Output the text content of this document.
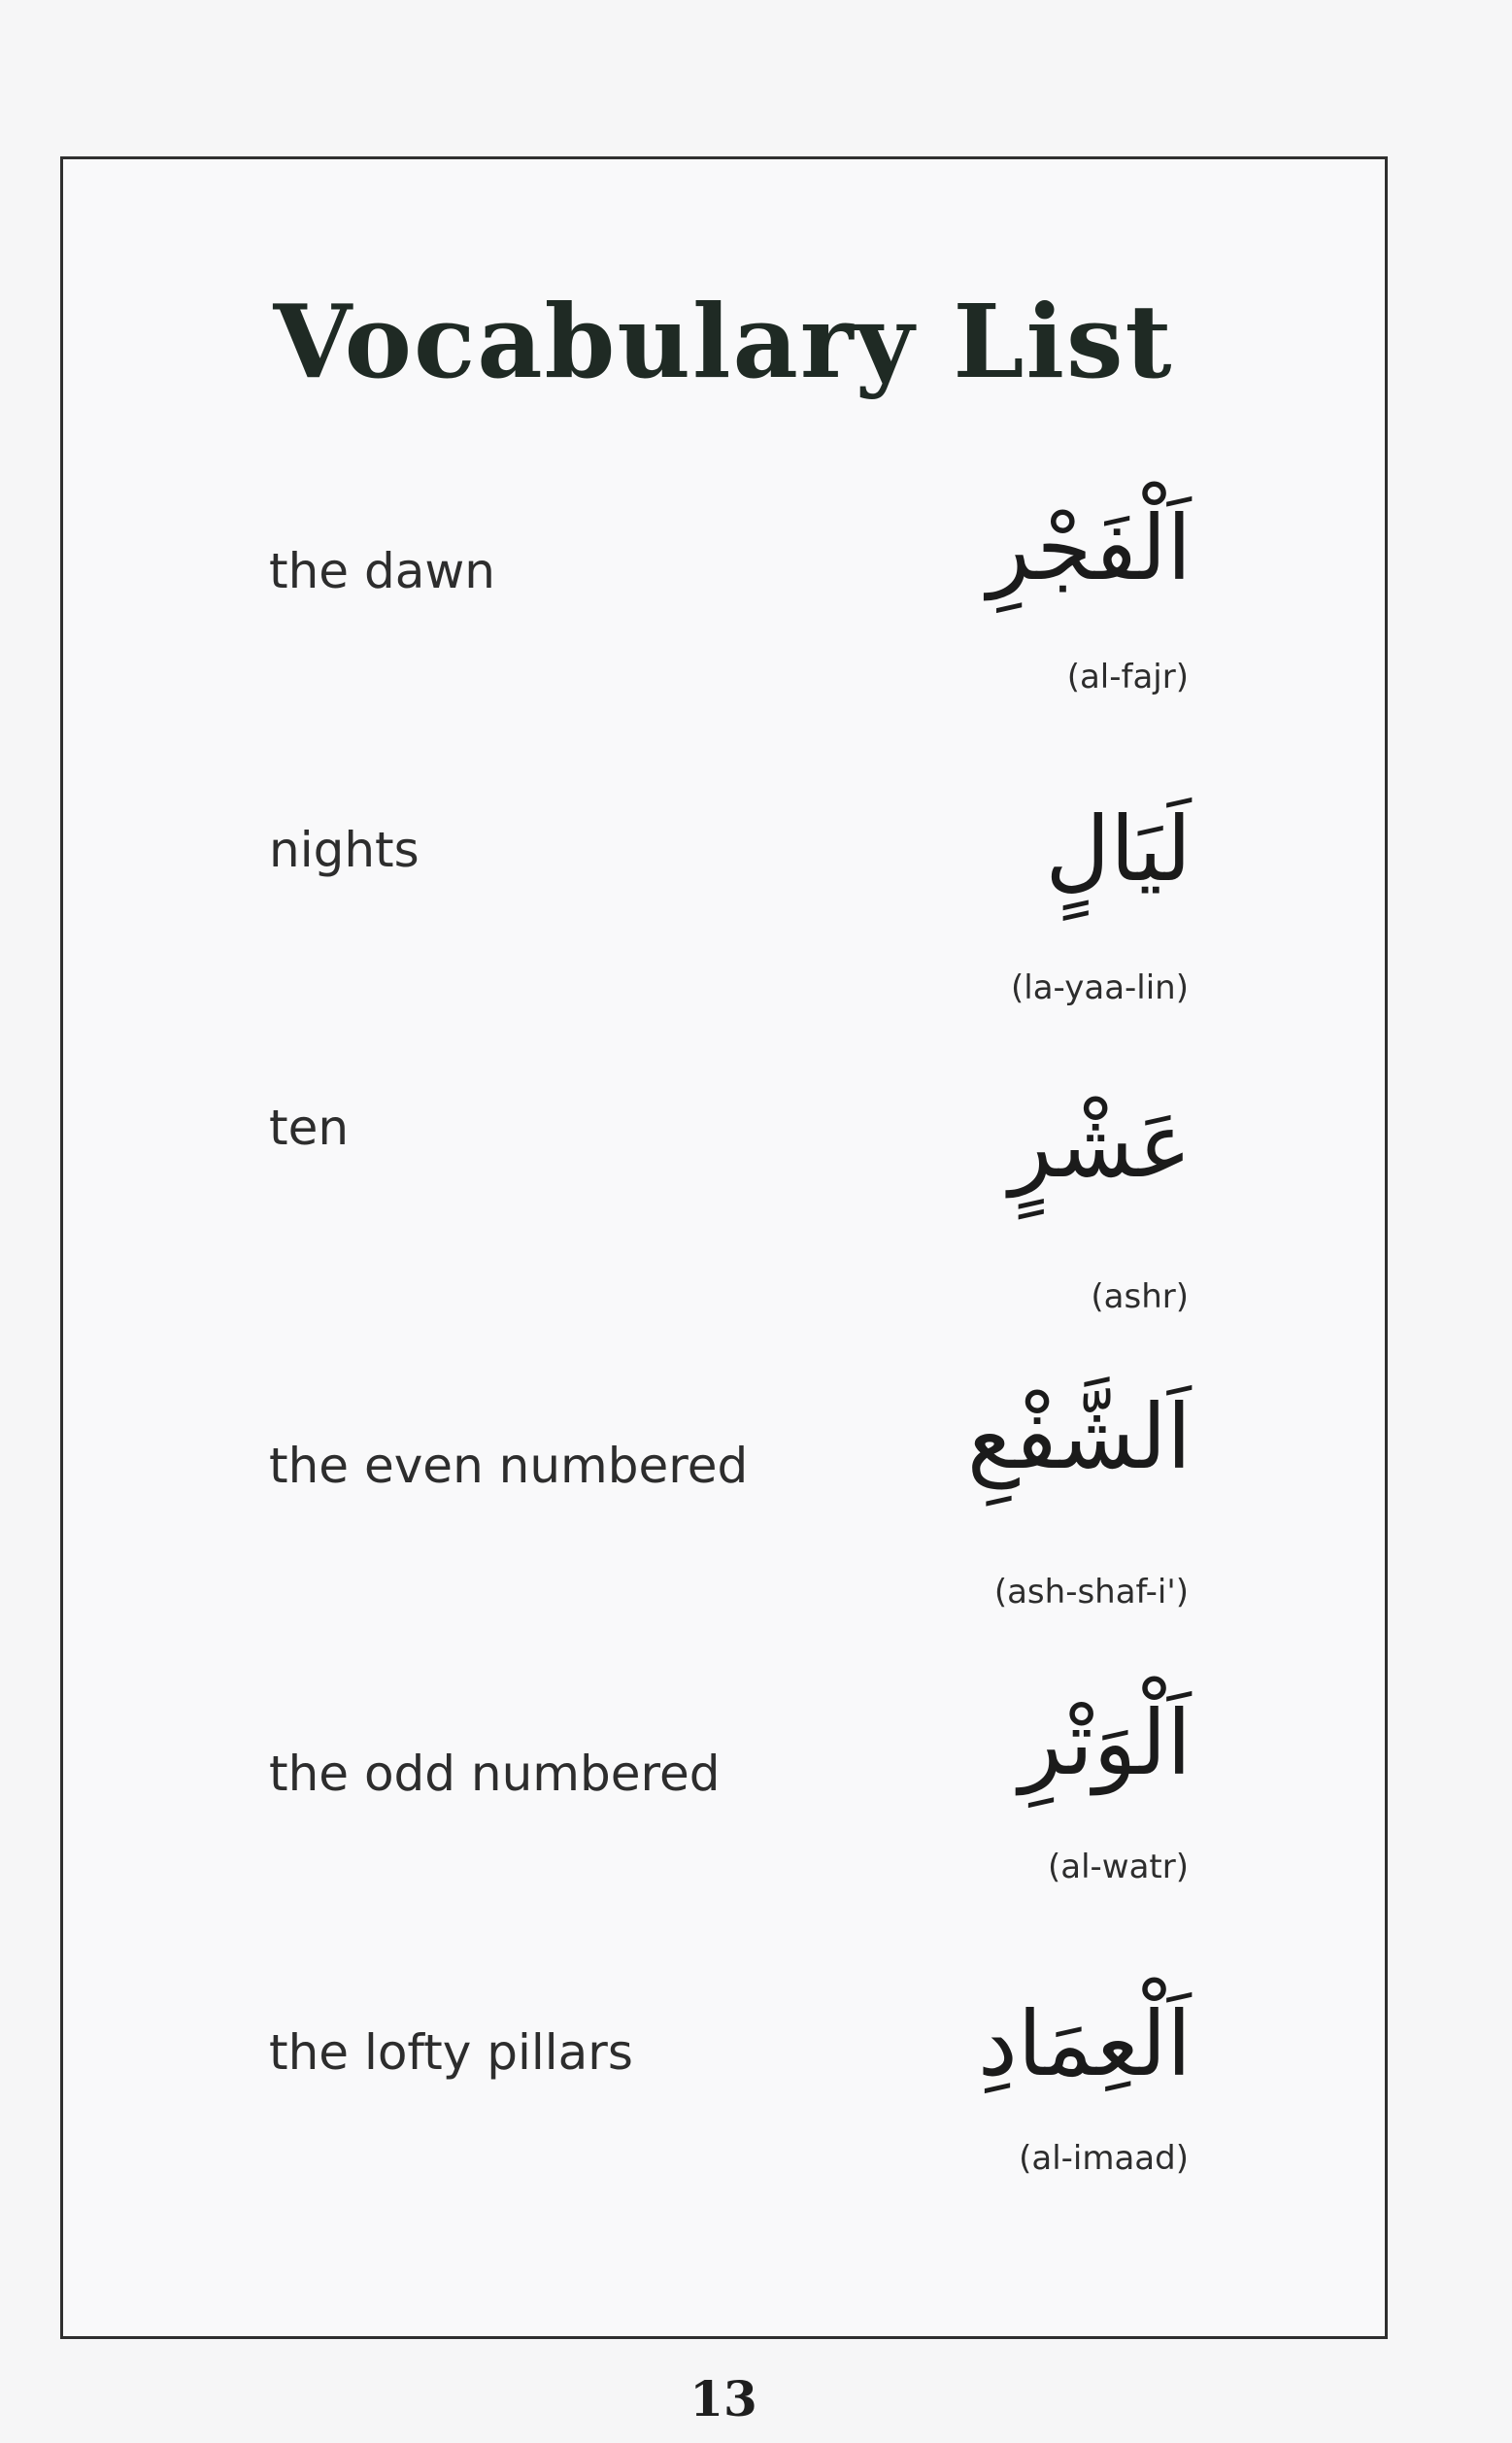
Vocabulary List
the dawn	اَلْفَجْرِ
(al-fajr)
nights	لَيَالٍ
(la-yaa-lin)
ten	عَشْرٍ
(ashr)
the even numbered اَلشَّفْعِ
(ash-shaf-i')
the odd numbered	اَلْوَتْرِ
(al-watr)
the lofty pillars	اَلْعِمَادِ
(al-imaad)
13
